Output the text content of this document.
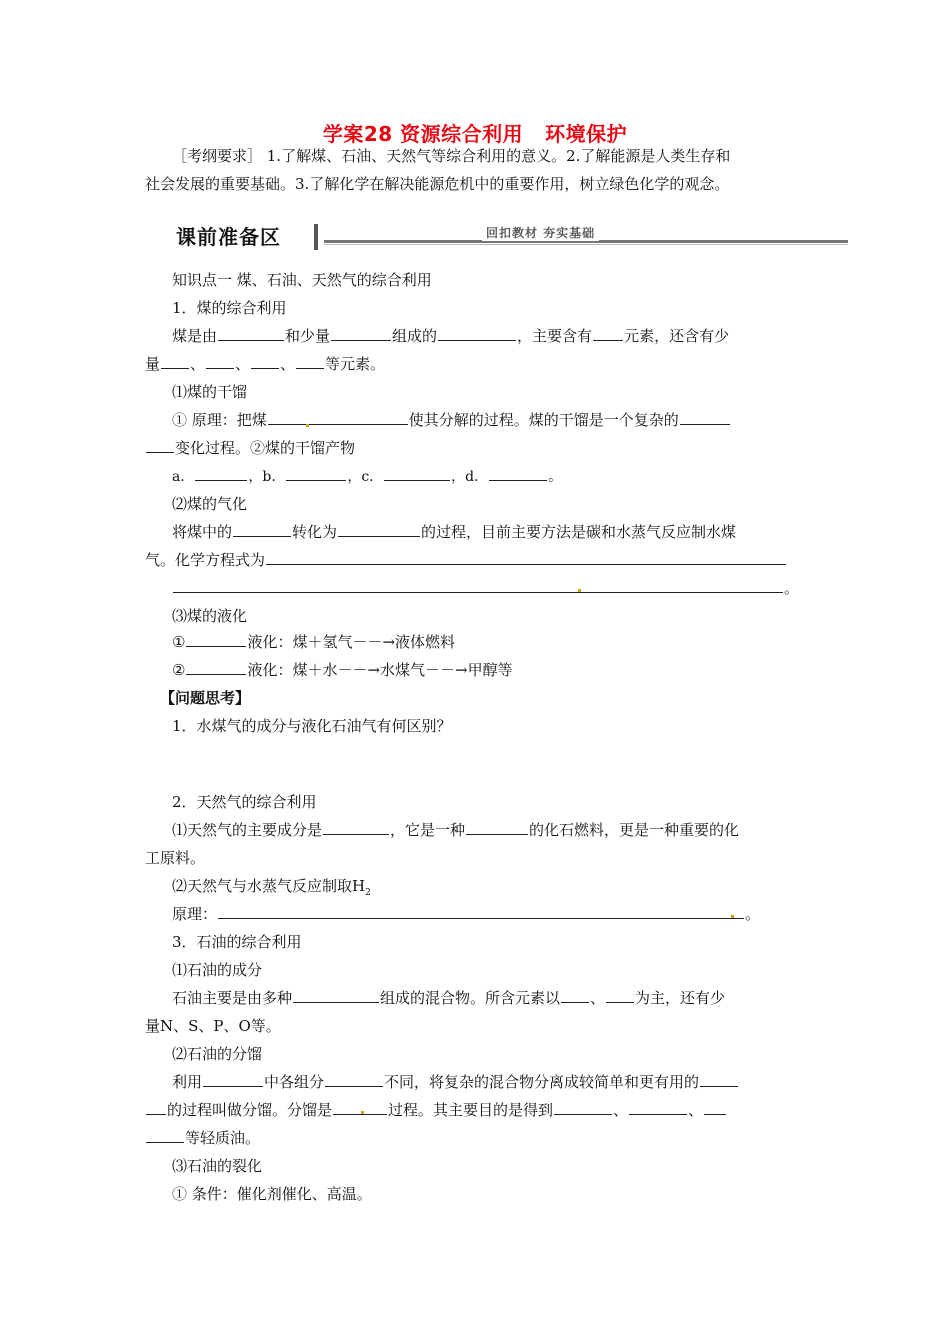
学案28 资源综合利用 环境保护
［考纲要求］ 1.了解煤、石油、天然气等综合利用的意义。2.了解能源是人类生存和
社会发展的重要基础。3.了解化学在解决能源危机中的重要作用，树立绿色化学的观念。
课前准备区	回扣教材 夯实基础
知识点一 煤、石油、天然气的综合利用
1．煤的综合利用
煤是由	和少量	组成的	，主要含有 元素，还含有少
量 、 、 、 等元素。
⑴煤的干馏
① 原理：把煤	使其分解的过程。煤的干馏是一个复杂的
变化过程。②煤的干馏产物
a．	，b．	，c．	，d．	。
⑵煤的气化
将煤中的	转化为	的过程，目前主要方法是碳和水蒸气反应制水煤
气。化学方程式为
。
⑶煤的液化
①	液化：煤＋氢气－－→液体燃料
②	液化：煤＋水－－→水煤气－－→甲醇等
【问题思考】
1．水煤气的成分与液化石油气有何区别？
2．天然气的综合利用
⑴天然气的主要成分是	，它是一种	的化石燃料，更是一种重要的化
工原料。
⑵天然气与水蒸气反应制取$H_2$
原理：	。
3．石油的综合利用
⑴石油的成分
石油主要是由多种	组成的混合物。所含元素以 、 为主，还有少
量N、S、P、O等。
⑵石油的分馏
利用	中各组分	不同，将复杂的混合物分离成较简单和更有用的
的过程叫做分馏。分馏是	过程。其主要目的是得到	、	、
等轻质油。
⑶石油的裂化
① 条件：催化剂催化、高温。
